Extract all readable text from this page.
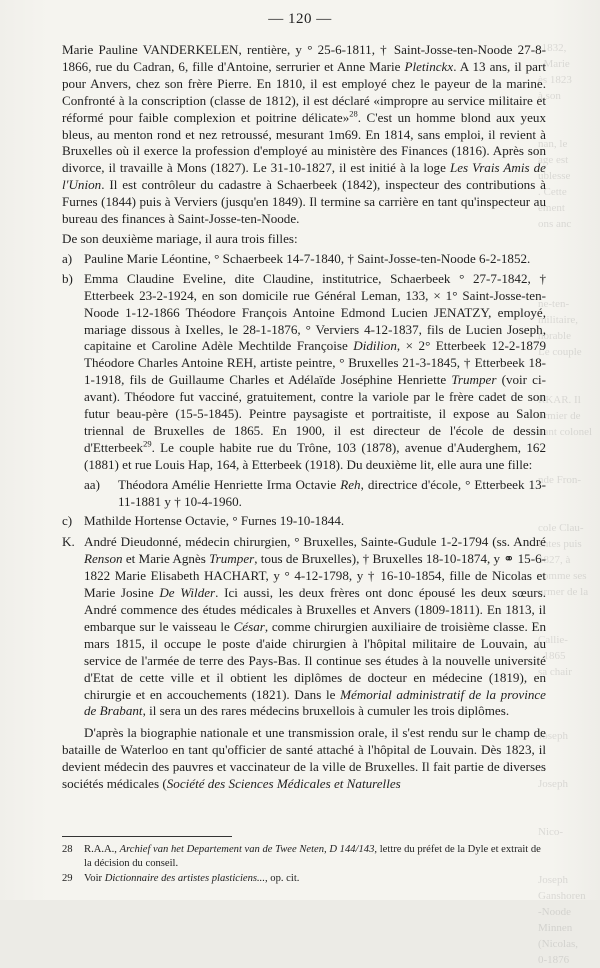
-1832,
. Marie
ès 1823
à son

nan, le
age est
ublesse
. Cette
ement
ons anc

ne-ten-
militaire,
norable
Le couple

RKAR. Il
ormier de
nant colonel

nde Fron-

cole Clau-
entes puis
1827, à
comme ses
urmer de la

Callie-
, 1865
sa chair

Joseph

Joseph

Nico-

Joseph
Ganshoren
-Noode
Minnen
(Nicolas,
0-1876
— 120 —

Marie Pauline VANDERKELEN, rentière, y ° 25-6-1811, † Saint-Josse-ten-Noode 27-8-1866, rue du Cadran, 6, fille d'Antoine, serrurier et Anne Marie Pletinckx. A 13 ans, il part pour Anvers, chez son frère Pierre. En 1810, il est employé chez le payeur de la marine. Confronté à la conscription (classe de 1812), il est déclaré «impropre au service militaire et réformé pour faible complexion et poitrine délicate»$^{28}$. C'est un homme blond aux yeux bleus, au menton rond et nez retroussé, mesurant 1m69. En 1814, sans emploi, il revient à Bruxelles où il exerce la profession d'employé au ministère des Finances (1816). Après son divorce, il travaille à Mons (1827). Le 31-10-1827, il est initié à la loge Les Vrais Amis de l'Union. Il est contrôleur du cadastre à Schaerbeek (1842), inspecteur des contributions à Furnes (1844) puis à Verviers (jusqu'en 1849). Il termine sa carrière en tant qu'inspecteur au bureau des finances à Saint-Josse-ten-Noode.

De son deuxième mariage, il aura trois filles:

a) Pauline Marie Léontine, ° Schaerbeek 14-7-1840, † Saint-Josse-ten-Noode 6-2-1852.
b) Emma Claudine Eveline, dite Claudine, institutrice, Schaerbeek ° 27-7-1842, † Etterbeek 23-2-1924, en son domicile rue Général Leman, 133, × 1° Saint-Josse-ten-Noode 1-12-1866 Théodore François Antoine Edmond Lucien JENATZY, employé, mariage dissous à Ixelles, le 28-1-1876, ° Verviers 4-12-1837, fils de Lucien Joseph, capitaine et Caroline Adèle Mechtilde Françoise Didilion, × 2° Etterbeek 12-2-1879 Théodore Charles Antoine REH, artiste peintre, ° Bruxelles 21-3-1845, † Etterbeek 18-1-1918, fils de Guillaume Charles et Adélaïde Joséphine Henriette Trumper (voir ci-avant). Théodore fut vacciné, gratuitement, contre la variole par le frère cadet de son futur beau-père (15-5-1845). Peintre paysagiste et portraitiste, il expose au Salon triennal de Bruxelles de 1865. En 1900, il est directeur de l'école de dessin d'Etterbeek$^{29}$. Le couple habite rue du Trône, 103 (1878), avenue d'Auderghem, 162 (1881) et rue Louis Hap, 164, à Etterbeek (1918). Du deuxième lit, elle aura une fille:
aa) Théodora Amélie Henriette Irma Octavie Reh, directrice d'école, ° Etterbeek 13-11-1881 y † 10-4-1960.
c) Mathilde Hortense Octavie, ° Furnes 19-10-1844.
K. André Dieudonné, médecin chirurgien, ° Bruxelles, Sainte-Gudule 1-2-1794 (ss. André Renson et Marie Agnès Trumper, tous de Bruxelles), † Bruxelles 18-10-1874, y ⚭ 15-6-1822 Marie Elisabeth HACHART, y ° 4-12-1798, y † 16-10-1854, fille de Nicolas et Marie Josine De Wilder. Ici aussi, les deux frères ont donc épousé les deux sœurs. André commence des études médicales à Bruxelles et Anvers (1809-1811). En 1813, il embarque sur le vaisseau le César, comme chirurgien auxiliaire de troisième classe. En mars 1815, il occupe le poste d'aide chirurgien à l'hôpital militaire de Louvain, au service de l'armée de terre des Pays-Bas. Il continue ses études à la nouvelle université d'Etat de cette ville et il obtient les diplômes de docteur en médecine (1819), en chirurgie et en accouchements (1821). Dans le Mémorial administratif de la province de Brabant, il sera un des rares médecins bruxellois à cumuler les trois diplômes.

D'après la biographie nationale et une transmission orale, il s'est rendu sur le champ de bataille de Waterloo en tant qu'officier de santé attaché à l'hôpital de Louvain. Dès 1823, il devient médecin des pauvres et vaccinateur de la ville de Bruxelles. Il fait partie de diverses sociétés médicales (Société des Sciences Médicales et Naturelles

28 R.A.A., Archief van het Departement van de Twee Neten, D 144/143, lettre du préfet de la Dyle et extrait de la décision du conseil.
29 Voir Dictionnaire des artistes plasticiens..., op. cit.
